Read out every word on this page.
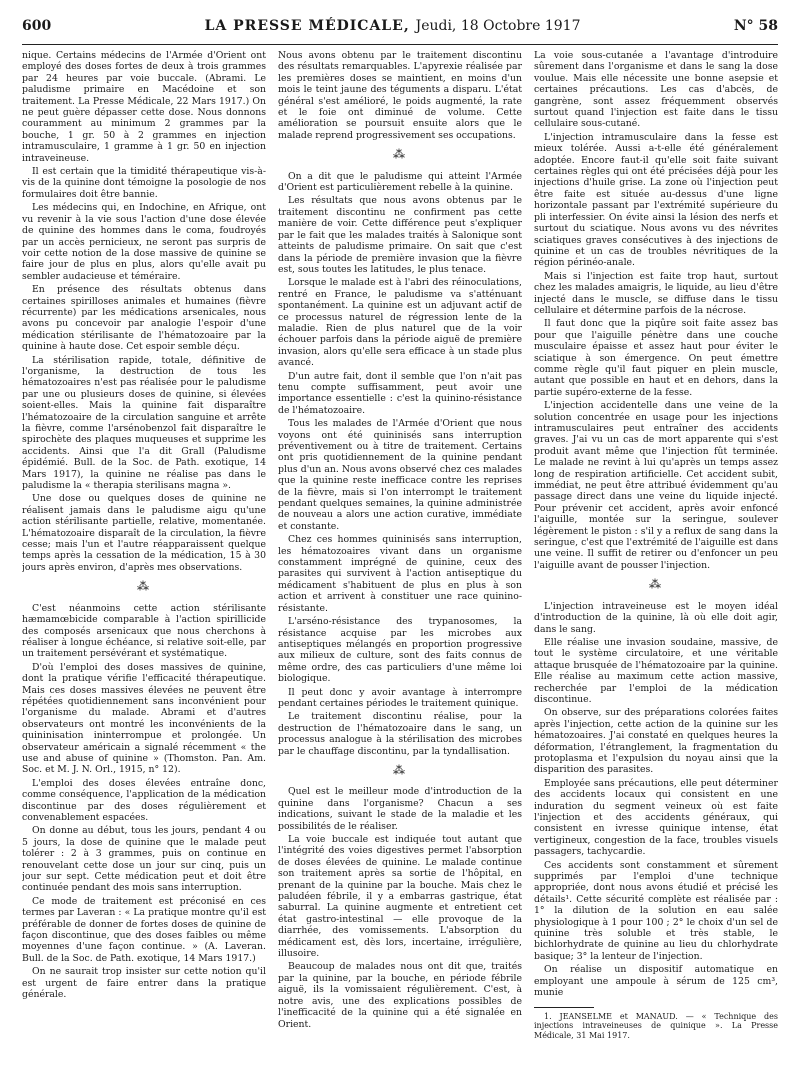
600	LA PRESSE MÉDICALE, Jeudi, 18 Octobre 1917	N° 58

nique. Certains médecins de l'Armée d'Orient ont employé des doses fortes de deux à trois grammes par 24 heures par voie buccale. (Abrami. Le paludisme primaire en Macédoine et son traitement. La Presse Médicale, 22 Mars 1917.) On ne peut guère dépasser cette dose. Nous donnons couramment au minimum 2 grammes par la bouche, 1 gr. 50 à 2 grammes en injection intramusculaire, 1 gramme à 1 gr. 50 en injection intraveineuse.

Il est certain que la timidité thérapeutique vis-à-vis de la quinine dont témoigne la posologie de nos formulaires doit être bannie.

Les médecins qui, en Indochine, en Afrique, ont vu revenir à la vie sous l'action d'une dose élevée de quinine des hommes dans le coma, foudroyés par un accès pernicieux, ne seront pas surpris de voir cette notion de la dose massive de quinine se faire jour de plus en plus, alors qu'elle avait pu sembler audacieuse et téméraire.

En présence des résultats obtenus dans certaines spirilloses animales et humaines (fièvre récurrente) par les médications arsenicales, nous avons pu concevoir par analogie l'espoir d'une médication stérilisante de l'hématozoaire par la quinine à haute dose. Cet espoir semble déçu.

La stérilisation rapide, totale, définitive de l'organisme, la destruction de tous les hématozoaires n'est pas réalisée pour le paludisme par une ou plusieurs doses de quinine, si élevées soient-elles. Mais la quinine fait disparaître l'hématozoaire de la circulation sanguine et arrête la fièvre, comme l'arsénobenzol fait disparaître le spirochète des plaques muqueuses et supprime les accidents. Ainsi que l'a dit Grall (Paludisme épidémié. Bull. de la Soc. de Path. exotique, 14 Mars 1917), la quinine ne réalise pas dans le paludisme la « therapia sterilisans magna ».

Une dose ou quelques doses de quinine ne réalisent jamais dans le paludisme aigu qu'une action stérilisante partielle, relative, momentanée. L'hématozoaire disparaît de la circulation, la fièvre cesse; mais l'un et l'autre réapparaissent quelque temps après la cessation de la médication, 15 à 30 jours après environ, d'après mes observations.

⁂

C'est néanmoins cette action stérilisante hæmamœbicide comparable à l'action spirillicide des composés arsenicaux que nous cherchons à réaliser à longue échéance, si relative soit-elle, par un traitement persévérant et systématique.

D'où l'emploi des doses massives de quinine, dont la pratique vérifie l'efficacité thérapeutique. Mais ces doses massives élevées ne peuvent être répétées quotidiennement sans inconvénient pour l'organisme du malade. Abrami et d'autres observateurs ont montré les inconvénients de la quininisation ininterrompue et prolongée. Un observateur américain a signalé récemment « the use and abuse of quinine » (Thomston. Pan. Am. Soc. et M. J. N. Orl., 1915, n° 12).

L'emploi des doses élevées entraîne donc, comme conséquence, l'application de la médication discontinue par des doses régulièrement et convenablement espacées.

On donne au début, tous les jours, pendant 4 ou 5 jours, la dose de quinine que le malade peut tolérer : 2 à 3 grammes, puis on continue en renouvelant cette dose un jour sur cinq, puis un jour sur sept. Cette médication peut et doit être continuée pendant des mois sans interruption.

Ce mode de traitement est préconisé en ces termes par Laveran : « La pratique montre qu'il est préférable de donner de fortes doses de quinine de façon discontinue, que des doses faibles ou même moyennes d'une façon continue. » (A. Laveran. Bull. de la Soc. de Path. exotique, 14 Mars 1917.)

On ne saurait trop insister sur cette notion qu'il est urgent de faire entrer dans la pratique générale.

Nous avons obtenu par le traitement discontinu des résultats remarquables. L'apyrexie réalisée par les premières doses se maintient, en moins d'un mois le teint jaune des téguments a disparu. L'état général s'est amélioré, le poids augmenté, la rate et le foie ont diminué de volume. Cette amélioration se poursuit ensuite alors que le malade reprend progressivement ses occupations.

⁂

On a dit que le paludisme qui atteint l'Armée d'Orient est particulièrement rebelle à la quinine.

Les résultats que nous avons obtenus par le traitement discontinu ne confirment pas cette manière de voir. Cette différence peut s'expliquer par le fait que les malades traités à Salonique sont atteints de paludisme primaire. On sait que c'est dans la période de première invasion que la fièvre est, sous toutes les latitudes, le plus tenace.

Lorsque le malade est à l'abri des réinoculations, rentré en France, le paludisme va s'atténuant spontanément. La quinine est un adjuvant actif de ce processus naturel de régression lente de la maladie. Rien de plus naturel que de la voir échouer parfois dans la période aiguë de première invasion, alors qu'elle sera efficace à un stade plus avancé.

D'un autre fait, dont il semble que l'on n'ait pas tenu compte suffisamment, peut avoir une importance essentielle : c'est la quinino-résistance de l'hématozoaire.

Tous les malades de l'Armée d'Orient que nous voyons ont été quininisés sans interruption préventivement ou à titre de traitement. Certains ont pris quotidiennement de la quinine pendant plus d'un an. Nous avons observé chez ces malades que la quinine reste inefficace contre les reprises de la fièvre, mais si l'on interrompt le traitement pendant quelques semaines, la quinine administrée de nouveau a alors une action curative, immédiate et constante.

Chez ces hommes quininisés sans interruption, les hématozoaires vivant dans un organisme constamment imprégné de quinine, ceux des parasites qui survivent à l'action antiseptique du médicament s'habituent de plus en plus à son action et arrivent à constituer une race quinino-résistante.

L'arséno-résistance des trypanosomes, la résistance acquise par les microbes aux antiseptiques mélangés en proportion progressive aux milieux de culture, sont des faits connus de même ordre, des cas particuliers d'une même loi biologique.

Il peut donc y avoir avantage à interrompre pendant certaines périodes le traitement quinique.

Le traitement discontinu réalise, pour la destruction de l'hématozoaire dans le sang, un processus analogue à la stérilisation des microbes par le chauffage discontinu, par la tyndallisation.

⁂

Quel est le meilleur mode d'introduction de la quinine dans l'organisme? Chacun a ses indications, suivant le stade de la maladie et les possibilités de le réaliser.

La voie buccale est indiquée tout autant que l'intégrité des voies digestives permet l'absorption de doses élevées de quinine. Le malade continue son traitement après sa sortie de l'hôpital, en prenant de la quinine par la bouche. Mais chez le paludéen fébrile, il y a embarras gastrique, état saburral. La quinine augmente et entretient cet état gastro-intestinal — elle provoque de la diarrhée, des vomissements. L'absorption du médicament est, dès lors, incertaine, irrégulière, illusoire.

Beaucoup de malades nous ont dit que, traités par la quinine, par la bouche, en période fébrile aiguë, ils la vomissaient régulièrement. C'est, à notre avis, une des explications possibles de l'inefficacité de la quinine qui a été signalée en Orient.

La voie sous-cutanée a l'avantage d'introduire sûrement dans l'organisme et dans le sang la dose voulue. Mais elle nécessite une bonne asepsie et certaines précautions. Les cas d'abcès, de gangrène, sont assez fréquemment observés surtout quand l'injection est faite dans le tissu cellulaire sous-cutané.

L'injection intramusculaire dans la fesse est mieux tolérée. Aussi a-t-elle été généralement adoptée. Encore faut-il qu'elle soit faite suivant certaines règles qui ont été précisées déjà pour les injections d'huile grise. La zone où l'injection peut être faite est située au-dessus d'une ligne horizontale passant par l'extrémité supérieure du pli interfessier. On évite ainsi la lésion des nerfs et surtout du sciatique. Nous avons vu des névrites sciatiques graves consécutives à des injections de quinine et un cas de troubles névritiques de la région périnéo-anale.

Mais si l'injection est faite trop haut, surtout chez les malades amaigris, le liquide, au lieu d'être injecté dans le muscle, se diffuse dans le tissu cellulaire et détermine parfois de la nécrose.

Il faut donc que la piqûre soit faite assez bas pour que l'aiguille pénètre dans une couche musculaire épaisse et assez haut pour éviter le sciatique à son émergence. On peut émettre comme règle qu'il faut piquer en plein muscle, autant que possible en haut et en dehors, dans la partie supéro-externe de la fesse.

L'injection accidentelle dans une veine de la solution concentrée en usage pour les injections intramusculaires peut entraîner des accidents graves. J'ai vu un cas de mort apparente qui s'est produit avant même que l'injection fût terminée. Le malade ne revint à lui qu'après un temps assez long de respiration artificielle. Cet accident subit, immédiat, ne peut être attribué évidemment qu'au passage direct dans une veine du liquide injecté. Pour prévenir cet accident, après avoir enfoncé l'aiguille, montée sur la seringue, soulever légèrement le piston : s'il y a reflux de sang dans la seringue, c'est que l'extrémité de l'aiguille est dans une veine. Il suffit de retirer ou d'enfoncer un peu l'aiguille avant de pousser l'injection.

⁂

L'injection intraveineuse est le moyen idéal d'introduction de la quinine, là où elle doit agir, dans le sang.

Elle réalise une invasion soudaine, massive, de tout le système circulatoire, et une véritable attaque brusquée de l'hématozoaire par la quinine. Elle réalise au maximum cette action massive, recherchée par l'emploi de la médication discontinue.

On observe, sur des préparations colorées faites après l'injection, cette action de la quinine sur les hématozoaires. J'ai constaté en quelques heures la déformation, l'étranglement, la fragmentation du protoplasma et l'expulsion du noyau ainsi que la disparition des parasites.

Employée sans précautions, elle peut déterminer des accidents locaux qui consistent en une induration du segment veineux où est faite l'injection et des accidents généraux, qui consistent en ivresse quinique intense, état vertigineux, congestion de la face, troubles visuels passagers, tachycardie.

Ces accidents sont constamment et sûrement supprimés par l'emploi d'une technique appropriée, dont nous avons étudié et précisé les détails¹. Cette sécurité complète est réalisée par : 1° la dilution de la solution en eau salée physiologique à 1 pour 100 ; 2° le choix d'un sel de quinine très soluble et très stable, le bichlorhydrate de quinine au lieu du chlorhydrate basique; 3° la lenteur de l'injection.

On réalise un dispositif automatique en employant une ampoule à sérum de 125 cm³, munie

1. JEANSELME et MANAUD. — « Technique des injections intraveineuses de quinique ». La Presse Médicale, 31 Mai 1917.
